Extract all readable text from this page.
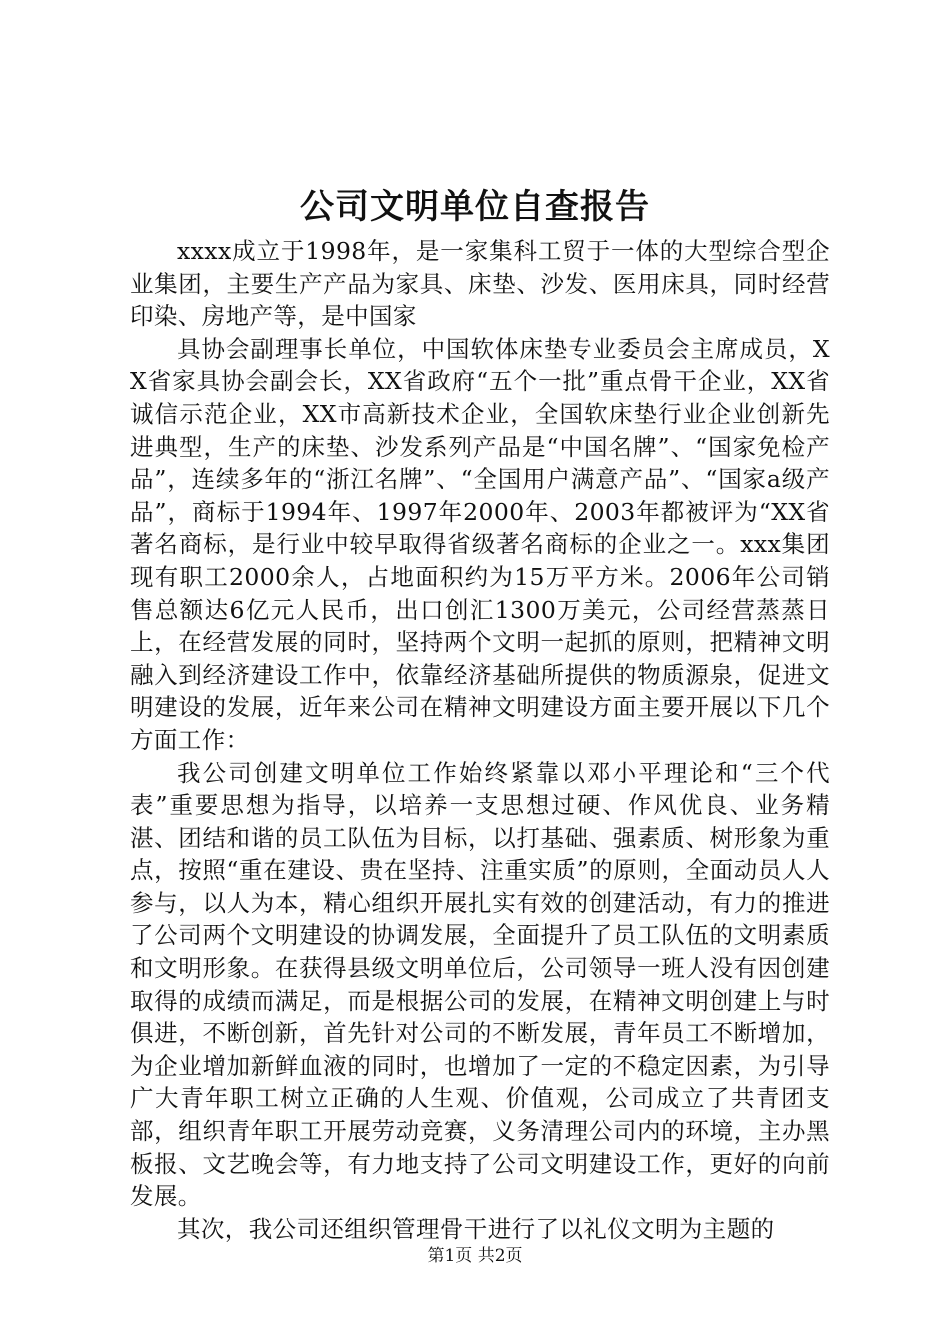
公司文明单位自查报告

xxxx成立于1998年，是一家集科工贸于一体的大型综合型企业集团，主要生产产品为家具、床垫、沙发、医用床具，同时经营印染、房地产等，是中国家

具协会副理事长单位，中国软体床垫专业委员会主席成员，XX省家具协会副会长，XX省政府“五个一批”重点骨干企业，XX省诚信示范企业，XX市高新技术企业，全国软床垫行业企业创新先进典型，生产的床垫、沙发系列产品是“中国名牌”、“国家免检产品”，连续多年的“浙江名牌”、“全国用户满意产品”、“国家a级产品”，商标于1994年、1997年2000年、2003年都被评为“XX省著名商标，是行业中较早取得省级著名商标的企业之一。xxx集团现有职工2000余人，占地面积约为15万平方米。2006年公司销售总额达6亿元人民币，出口创汇1300万美元，公司经营蒸蒸日上，在经营发展的同时，坚持两个文明一起抓的原则，把精神文明融入到经济建设工作中，依靠经济基础所提供的物质源泉，促进文明建设的发展，近年来公司在精神文明建设方面主要开展以下几个方面工作：

我公司创建文明单位工作始终紧靠以邓小平理论和“三个代表”重要思想为指导，以培养一支思想过硬、作风优良、业务精湛、团结和谐的员工队伍为目标，以打基础、强素质、树形象为重点，按照“重在建设、贵在坚持、注重实质”的原则，全面动员人人参与，以人为本，精心组织开展扎实有效的创建活动，有力的推进了公司两个文明建设的协调发展，全面提升了员工队伍的文明素质和文明形象。在获得县级文明单位后，公司领导一班人没有因创建取得的成绩而满足，而是根据公司的发展，在精神文明创建上与时俱进，不断创新，首先针对公司的不断发展，青年员工不断增加，为企业增加新鲜血液的同时，也增加了一定的不稳定因素，为引导广大青年职工树立正确的人生观、价值观，公司成立了共青团支部，组织青年职工开展劳动竞赛，义务清理公司内的环境，主办黑板报、文艺晚会等，有力地支持了公司文明建设工作，更好的向前发展。

其次，我公司还组织管理骨干进行了以礼仪文明为主题的

第1页 共2页
